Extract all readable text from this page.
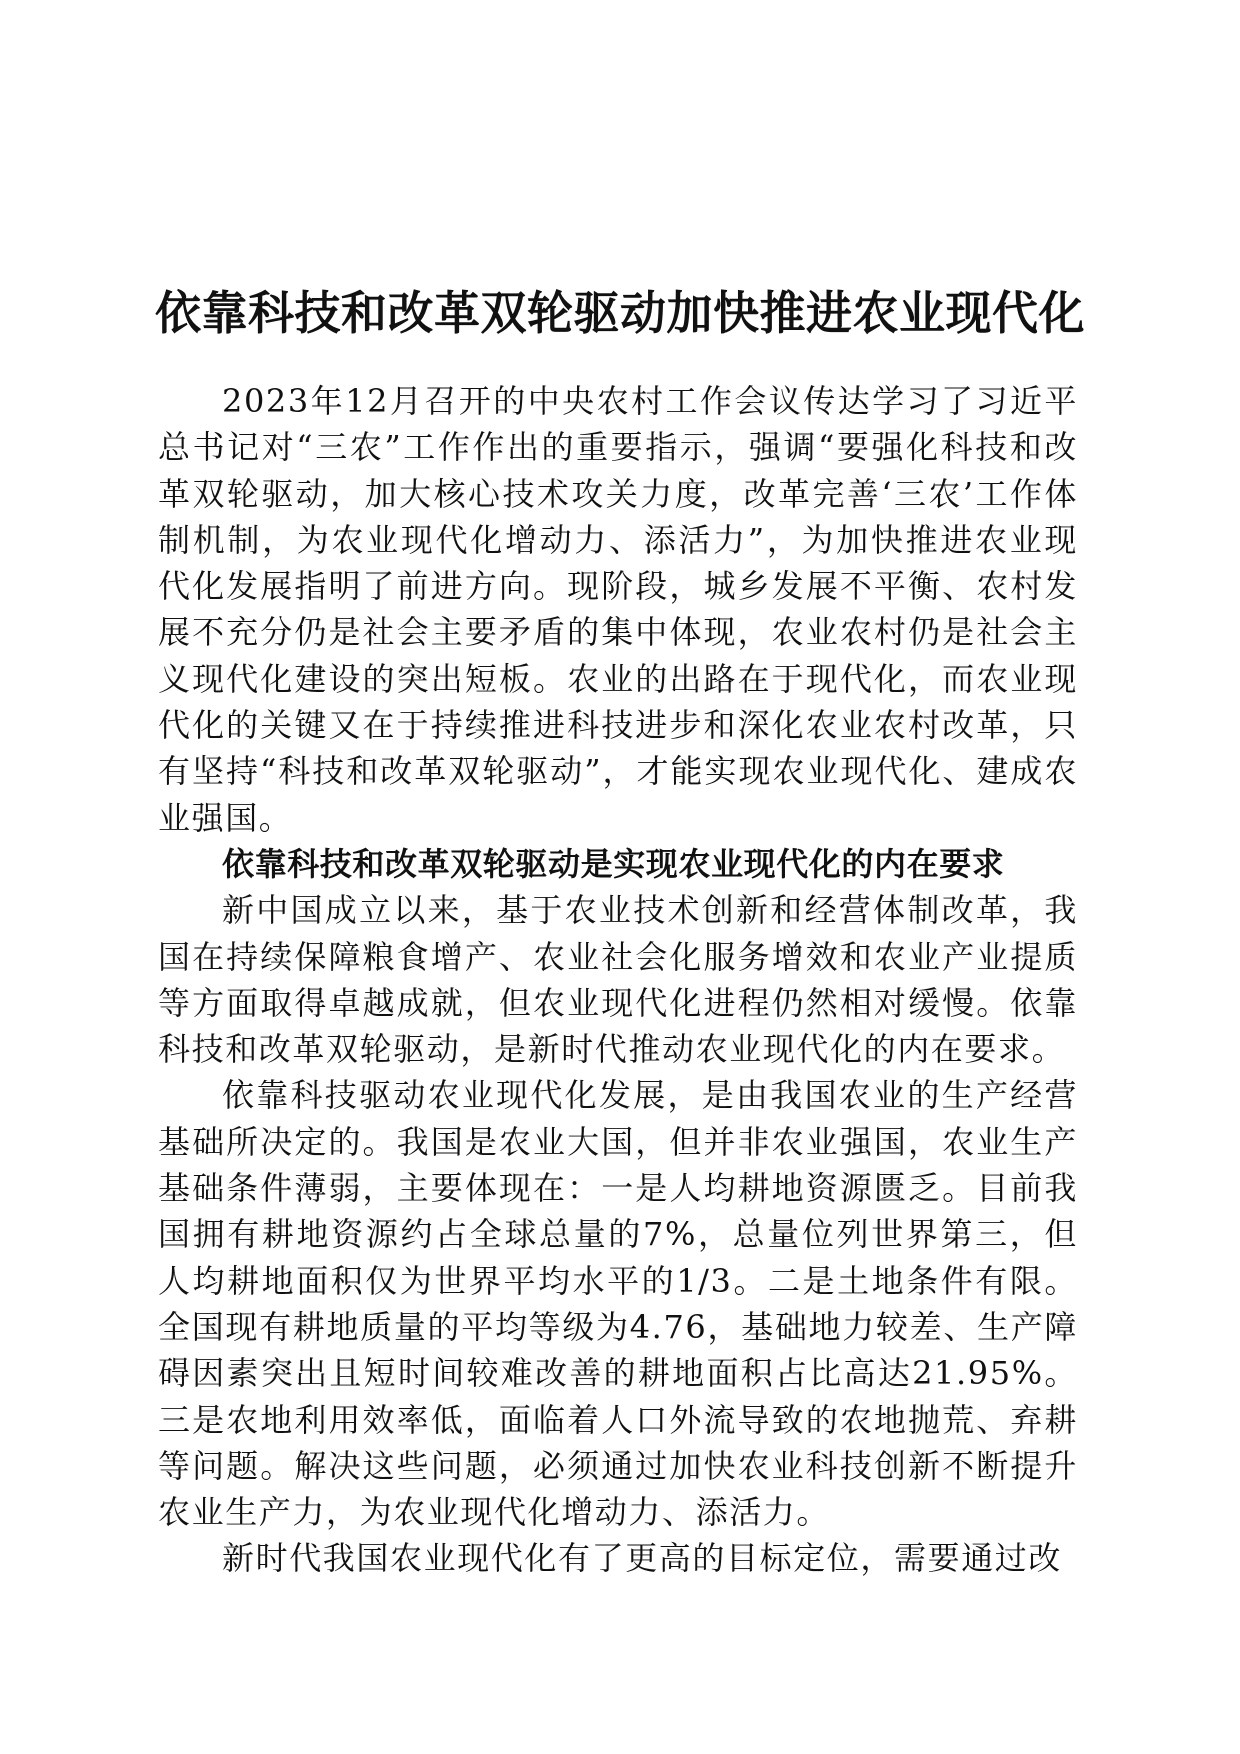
依靠科技和改革双轮驱动加快推进农业现代化

2023年12月召开的中央农村工作会议传达学习了习近平总书记对“三农”工作作出的重要指示，强调“要强化科技和改革双轮驱动，加大核心技术攻关力度，改革完善‘三农’工作体制机制，为农业现代化增动力、添活力”，为加快推进农业现代化发展指明了前进方向。现阶段，城乡发展不平衡、农村发展不充分仍是社会主要矛盾的集中体现，农业农村仍是社会主义现代化建设的突出短板。农业的出路在于现代化，而农业现代化的关键又在于持续推进科技进步和深化农业农村改革，只有坚持“科技和改革双轮驱动”，才能实现农业现代化、建成农业强国。

依靠科技和改革双轮驱动是实现农业现代化的内在要求

新中国成立以来，基于农业技术创新和经营体制改革，我国在持续保障粮食增产、农业社会化服务增效和农业产业提质等方面取得卓越成就，但农业现代化进程仍然相对缓慢。依靠科技和改革双轮驱动，是新时代推动农业现代化的内在要求。

依靠科技驱动农业现代化发展，是由我国农业的生产经营基础所决定的。我国是农业大国，但并非农业强国，农业生产基础条件薄弱，主要体现在：一是人均耕地资源匮乏。目前我国拥有耕地资源约占全球总量的7%，总量位列世界第三，但人均耕地面积仅为世界平均水平的1/3。二是土地条件有限。全国现有耕地质量的平均等级为4.76，基础地力较差、生产障碍因素突出且短时间较难改善的耕地面积占比高达21.95%。三是农地利用效率低，面临着人口外流导致的农地抛荒、弃耕等问题。解决这些问题，必须通过加快农业科技创新不断提升农业生产力，为农业现代化增动力、添活力。

新时代我国农业现代化有了更高的目标定位，需要通过改
